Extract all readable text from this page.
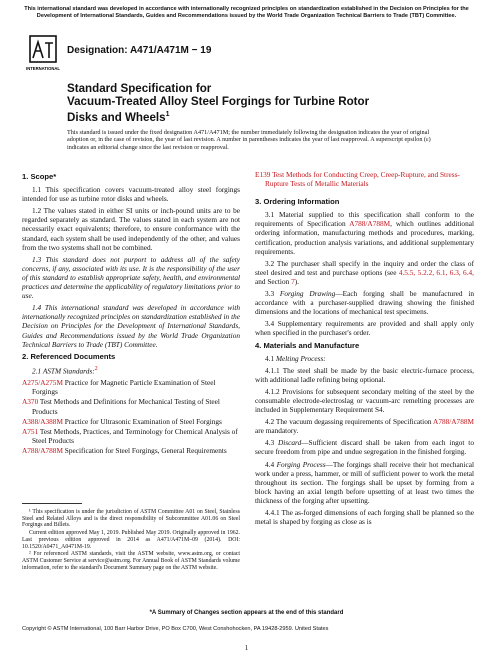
This international standard was developed in accordance with internationally recognized principles on standardization established in the Decision on Principles for the Development of International Standards, Guides and Recommendations issued by the World Trade Organization Technical Barriers to Trade (TBT) Committee.
INTERNATIONAL
Designation: A471/A471M − 19
Standard Specification for
Vacuum-Treated Alloy Steel Forgings for Turbine Rotor
Disks and Wheels$^1$
This standard is issued under the fixed designation A471/A471M; the number immediately following the designation indicates the year of original adoption or, in the case of revision, the year of last revision. A number in parentheses indicates the year of last reapproval. A superscript epsilon (ε) indicates an editorial change since the last revision or reapproval.
1. Scope*
1.1 This specification covers vacuum-treated alloy steel forgings intended for use as turbine rotor disks and wheels.
1.2 The values stated in either SI units or inch-pound units are to be regarded separately as standard. The values stated in each system are not necessarily exact equivalents; therefore, to ensure conformance with the standard, each system shall be used independently of the other, and values from the two systems shall not be combined.
1.3 This standard does not purport to address all of the safety concerns, if any, associated with its use. It is the responsibility of the user of this standard to establish appropriate safety, health, and environmental practices and determine the applicability of regulatory limitations prior to use.
1.4 This international standard was developed in accordance with internationally recognized principles on standardization established in the Decision on Principles for the Development of International Standards, Guides and Recommendations issued by the World Trade Organization Technical Barriers to Trade (TBT) Committee.
2. Referenced Documents
2.1 ASTM Standards:$^2$
A275/A275M Practice for Magnetic Particle Examination of Steel Forgings
A370 Test Methods and Definitions for Mechanical Testing of Steel Products
A388/A388M Practice for Ultrasonic Examination of Steel Forgings
A751 Test Methods, Practices, and Terminology for Chemical Analysis of Steel Products
A788/A788M Specification for Steel Forgings, General Requirements

¹ This specification is under the jurisdiction of ASTM Committee A01 on Steel, Stainless Steel and Related Alloys and is the direct responsibility of Subcommittee A01.06 on Steel Forgings and Billets.

Current edition approved May 1, 2019. Published May 2019. Originally approved in 1962. Last previous edition approved in 2014 as A471/A471M–09 (2014). DOI: 10.1520/A0471_A0471M-19.

² For referenced ASTM standards, visit the ASTM website, www.astm.org, or contact ASTM Customer Service at service@astm.org. For Annual Book of ASTM Standards volume information, refer to the standard's Document Summary page on the ASTM website.

E139 Test Methods for Conducting Creep, Creep-Rupture, and Stress-Rupture Tests of Metallic Materials
3. Ordering Information
3.1 Material supplied to this specification shall conform to the requirements of Specification A788/A788M, which outlines additional ordering information, manufacturing methods and procedures, marking, certification, production analysis variations, and additional supplementary requirements.
3.2 The purchaser shall specify in the inquiry and order the class of steel desired and test and purchase options (see 4.5.5, 5.2.2, 6.1, 6.3, 6.4, and Section 7).
3.3 Forging Drawing—Each forging shall be manufactured in accordance with a purchaser-supplied drawing showing the finished dimensions and the locations of mechanical test specimens.
3.4 Supplementary requirements are provided and shall apply only when specified in the purchaser's order.
4. Materials and Manufacture
4.1 Melting Process:
4.1.1 The steel shall be made by the basic electric-furnace process, with additional ladle refining being optional.
4.1.2 Provisions for subsequent secondary melting of the steel by the consumable electrode-electroslag or vacuum-arc remelting processes are included in Supplementary Requirement S4.
4.2 The vacuum degassing requirements of Specification A788/A788M are mandatory.
4.3 Discard—Sufficient discard shall be taken from each ingot to secure freedom from pipe and undue segregation in the finished forging.
4.4 Forging Process—The forgings shall receive their hot mechanical work under a press, hammer, or mill of sufficient power to work the metal throughout its section. The forgings shall be upset by forming from a block having an axial length before upsetting of at least two times the thickness of the forging after upsetting.
4.4.1 The as-forged dimensions of each forging shall be planned so the metal is shaped by forging as close as is
*A Summary of Changes section appears at the end of this standard
Copyright © ASTM International, 100 Barr Harbor Drive, PO Box C700, West Conshohocken, PA 19428-2959. United States
1
